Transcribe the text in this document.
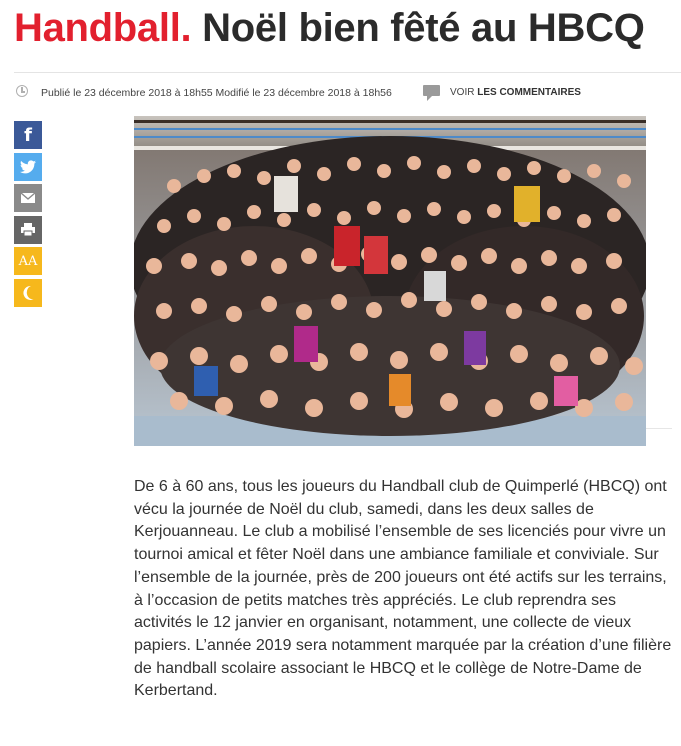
Handball. Noël bien fêté au HBCQ
Publié le 23 décembre 2018 à 18h55 Modifié le 23 décembre 2018 à 18h56	VOIR LES COMMENTAIRES
f
AA

De 6 à 60 ans, tous les joueurs du Handball club de Quimperlé (HBCQ) ont vécu la journée de Noël du club, samedi, dans les deux salles de Kerjouanneau. Le club a mobilisé l’ensemble de ses licenciés pour vivre un tournoi amical et fêter Noël dans une ambiance familiale et conviviale. Sur l’ensemble de la journée, près de 200 joueurs ont été actifs sur les terrains, à l’occasion de petits matches très appréciés. Le club reprendra ses activités le 12 janvier en organisant, notamment, une collecte de vieux papiers. L’année 2019 sera notamment marquée par la création d’une filière de handball scolaire associant le HBCQ et le collège de Notre-Dame de Kerbertand.
